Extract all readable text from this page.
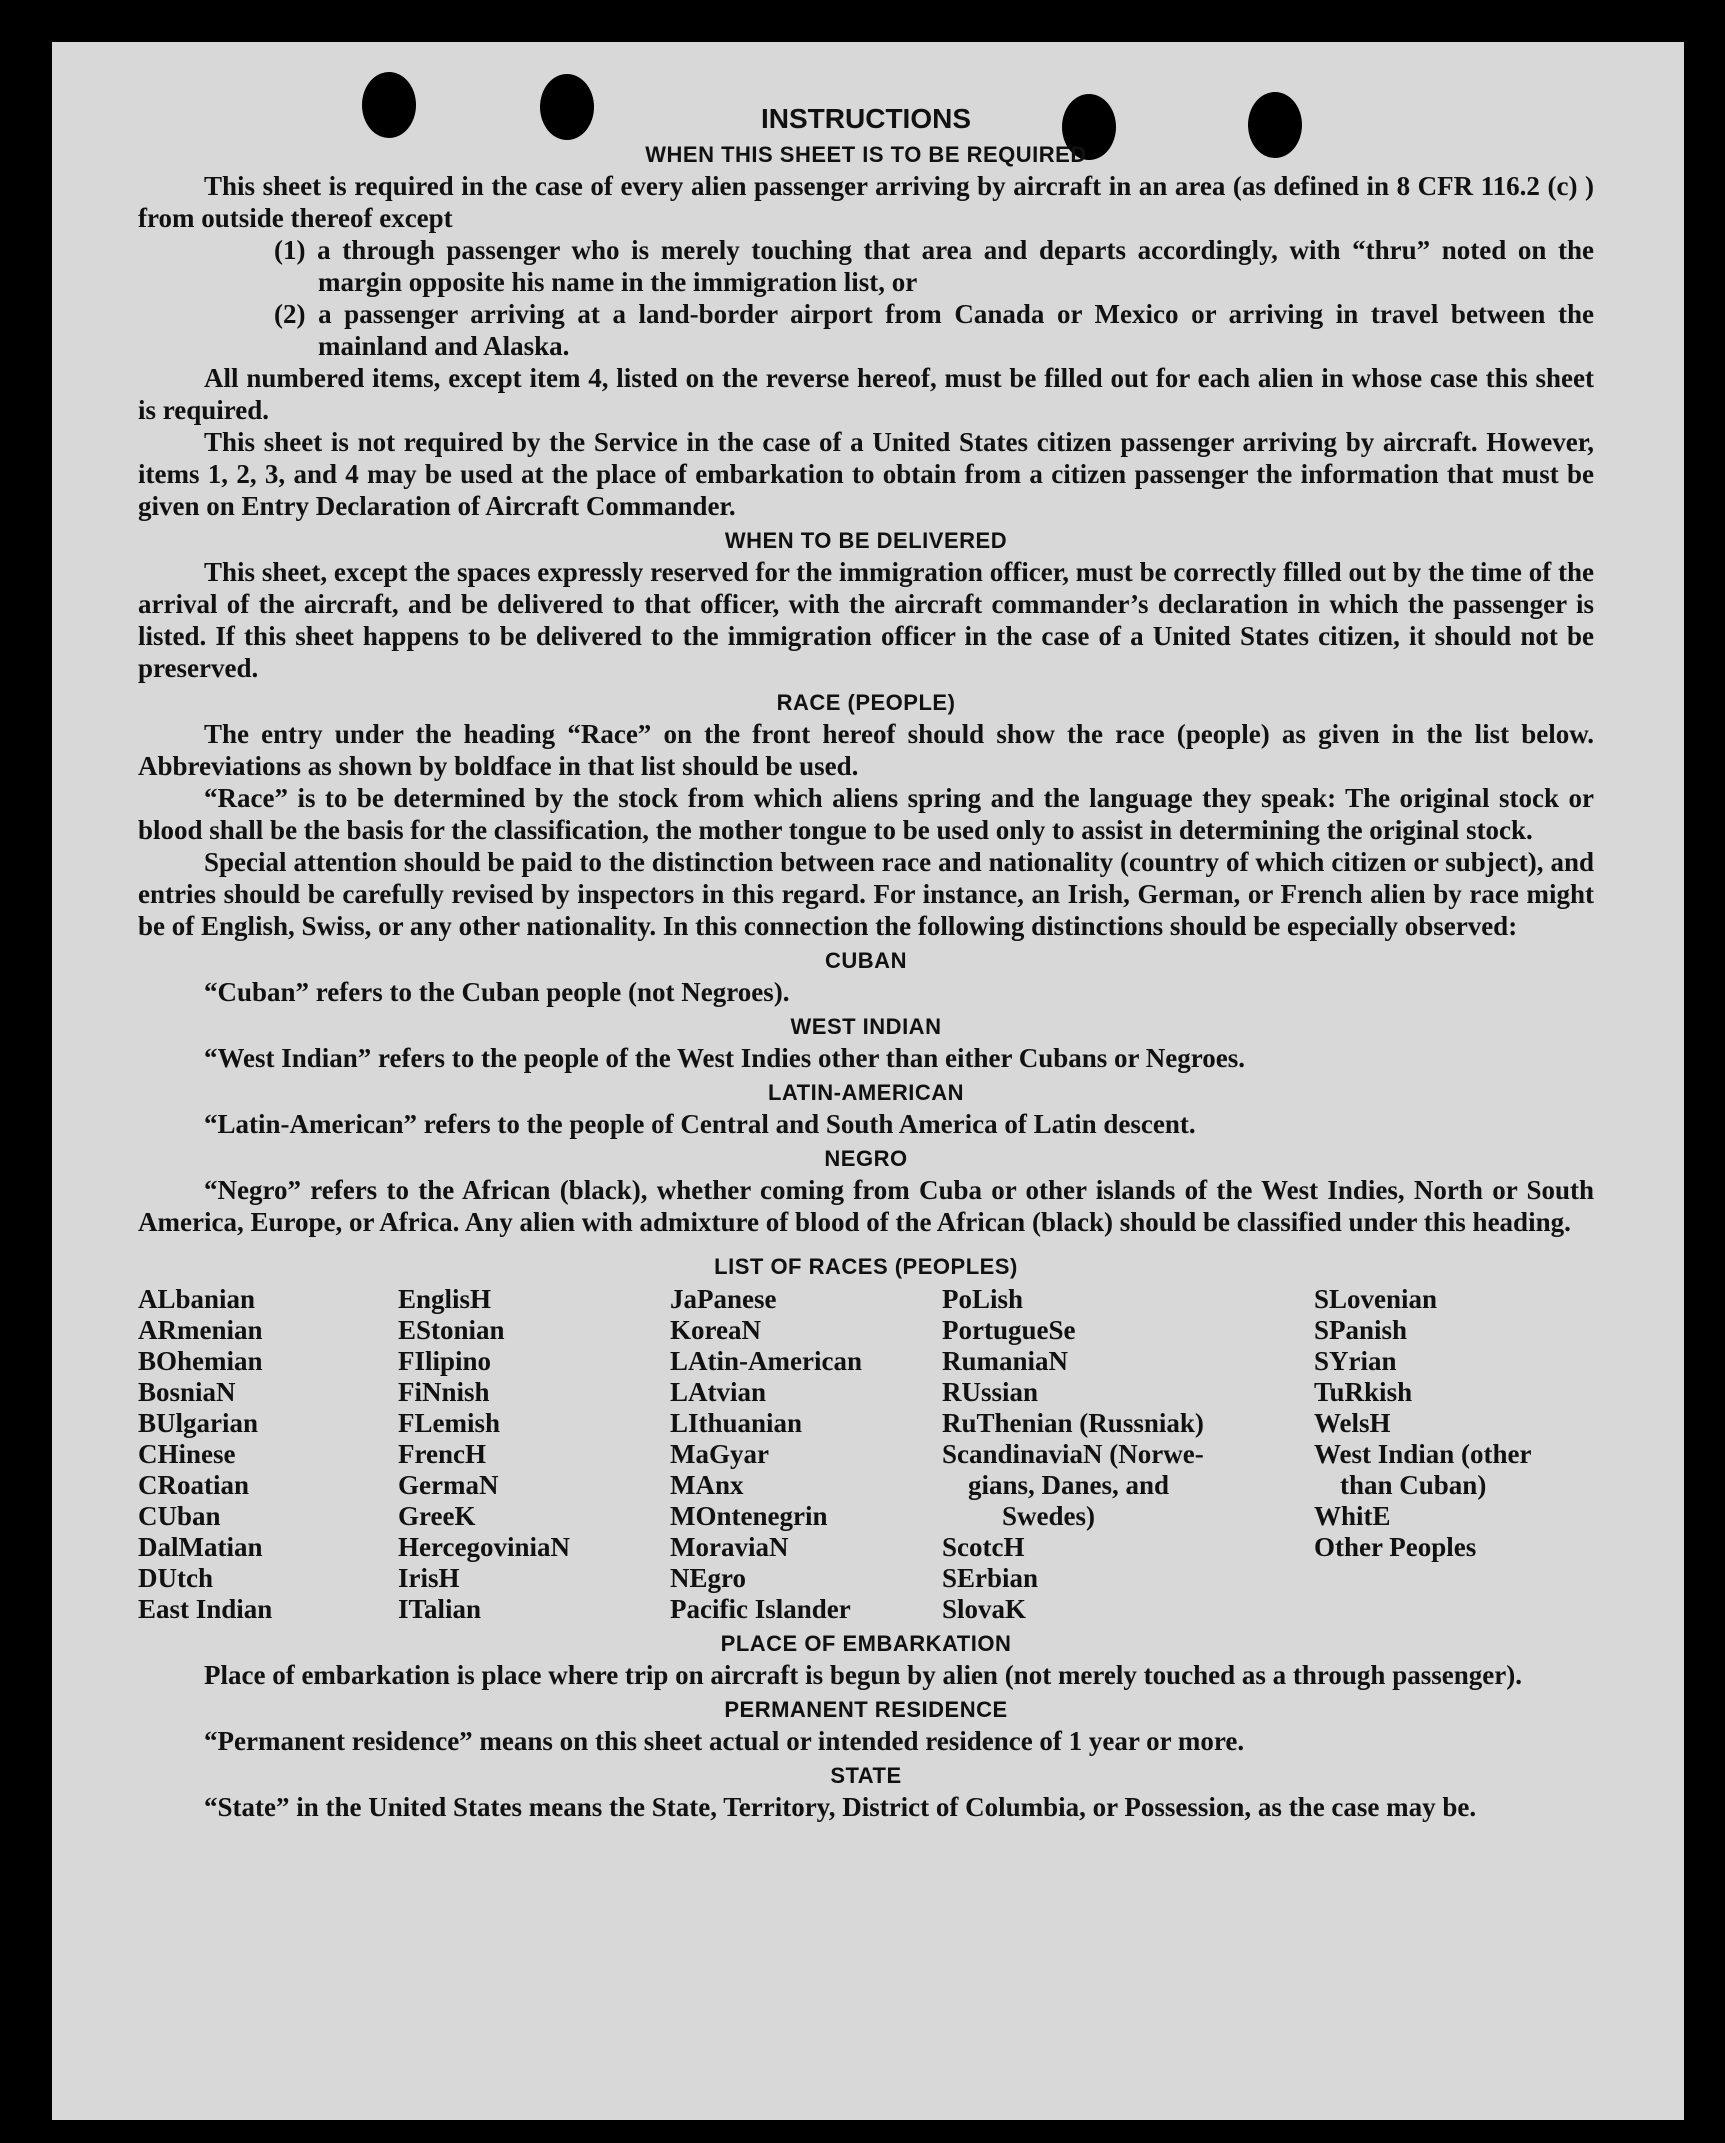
INSTRUCTIONS
WHEN THIS SHEET IS TO BE REQUIRED

This sheet is required in the case of every alien passenger arriving by aircraft in an area (as defined in 8 CFR 116.2 (c) ) from outside thereof except

(1) a through passenger who is merely touching that area and departs accordingly, with “thru” noted on the margin opposite his name in the immigration list, or

(2) a passenger arriving at a land-border airport from Canada or Mexico or arriving in travel between the mainland and Alaska.

All numbered items, except item 4, listed on the reverse hereof, must be filled out for each alien in whose case this sheet is required.

This sheet is not required by the Service in the case of a United States citizen passenger arriving by aircraft. However, items 1, 2, 3, and 4 may be used at the place of embarkation to obtain from a citizen passenger the information that must be given on Entry Declaration of Aircraft Commander.

WHEN TO BE DELIVERED

This sheet, except the spaces expressly reserved for the immigration officer, must be correctly filled out by the time of the arrival of the aircraft, and be delivered to that officer, with the aircraft commander’s declaration in which the passenger is listed. If this sheet happens to be delivered to the immigration officer in the case of a United States citizen, it should not be preserved.

RACE (PEOPLE)

The entry under the heading “Race” on the front hereof should show the race (people) as given in the list below. Abbreviations as shown by boldface in that list should be used.

“Race” is to be determined by the stock from which aliens spring and the language they speak: The original stock or blood shall be the basis for the classification, the mother tongue to be used only to assist in determining the original stock.

Special attention should be paid to the distinction between race and nationality (country of which citizen or subject), and entries should be carefully revised by inspectors in this regard. For instance, an Irish, German, or French alien by race might be of English, Swiss, or any other nationality. In this connection the following distinctions should be especially observed:

CUBAN

“Cuban” refers to the Cuban people (not Negroes).

WEST INDIAN

“West Indian” refers to the people of the West Indies other than either Cubans or Negroes.

LATIN-AMERICAN

“Latin-American” refers to the people of Central and South America of Latin descent.

NEGRO

“Negro” refers to the African (black), whether coming from Cuba or other islands of the West Indies, North or South America, Europe, or Africa. Any alien with admixture of blood of the African (black) should be classified under this heading.

LIST OF RACES (PEOPLES)
ALbanian
ARmenian
BOhemian
BosniaN
BUlgarian
CHinese
CRoatian
CUban
DalMatian
DUtch
East Indian
EnglisH
EStonian
FIlipino
FiNnish
FLemish
FrencH
GermaN
GreeK
HercegoviniaN
IrisH
ITalian
JaPanese
KoreaN
LAtin-American
LAtvian
LIthuanian
MaGyar
MAnx
MOntenegrin
MoraviaN
NEgro
Pacific Islander
PoLish
PortugueSe
RumaniaN
RUssian
RuThenian (Russniak)
ScandinaviaN (Norwe-
gians, Danes, and
Swedes)
ScotcH
SErbian
SlovaK
SLovenian
SPanish
SYrian
TuRkish
WelsH
West Indian (other
than Cuban)
WhitE
Other Peoples
PLACE OF EMBARKATION

Place of embarkation is place where trip on aircraft is begun by alien (not merely touched as a through passenger).

PERMANENT RESIDENCE

“Permanent residence” means on this sheet actual or intended residence of 1 year or more.

STATE

“State” in the United States means the State, Territory, District of Columbia, or Possession, as the case may be.
